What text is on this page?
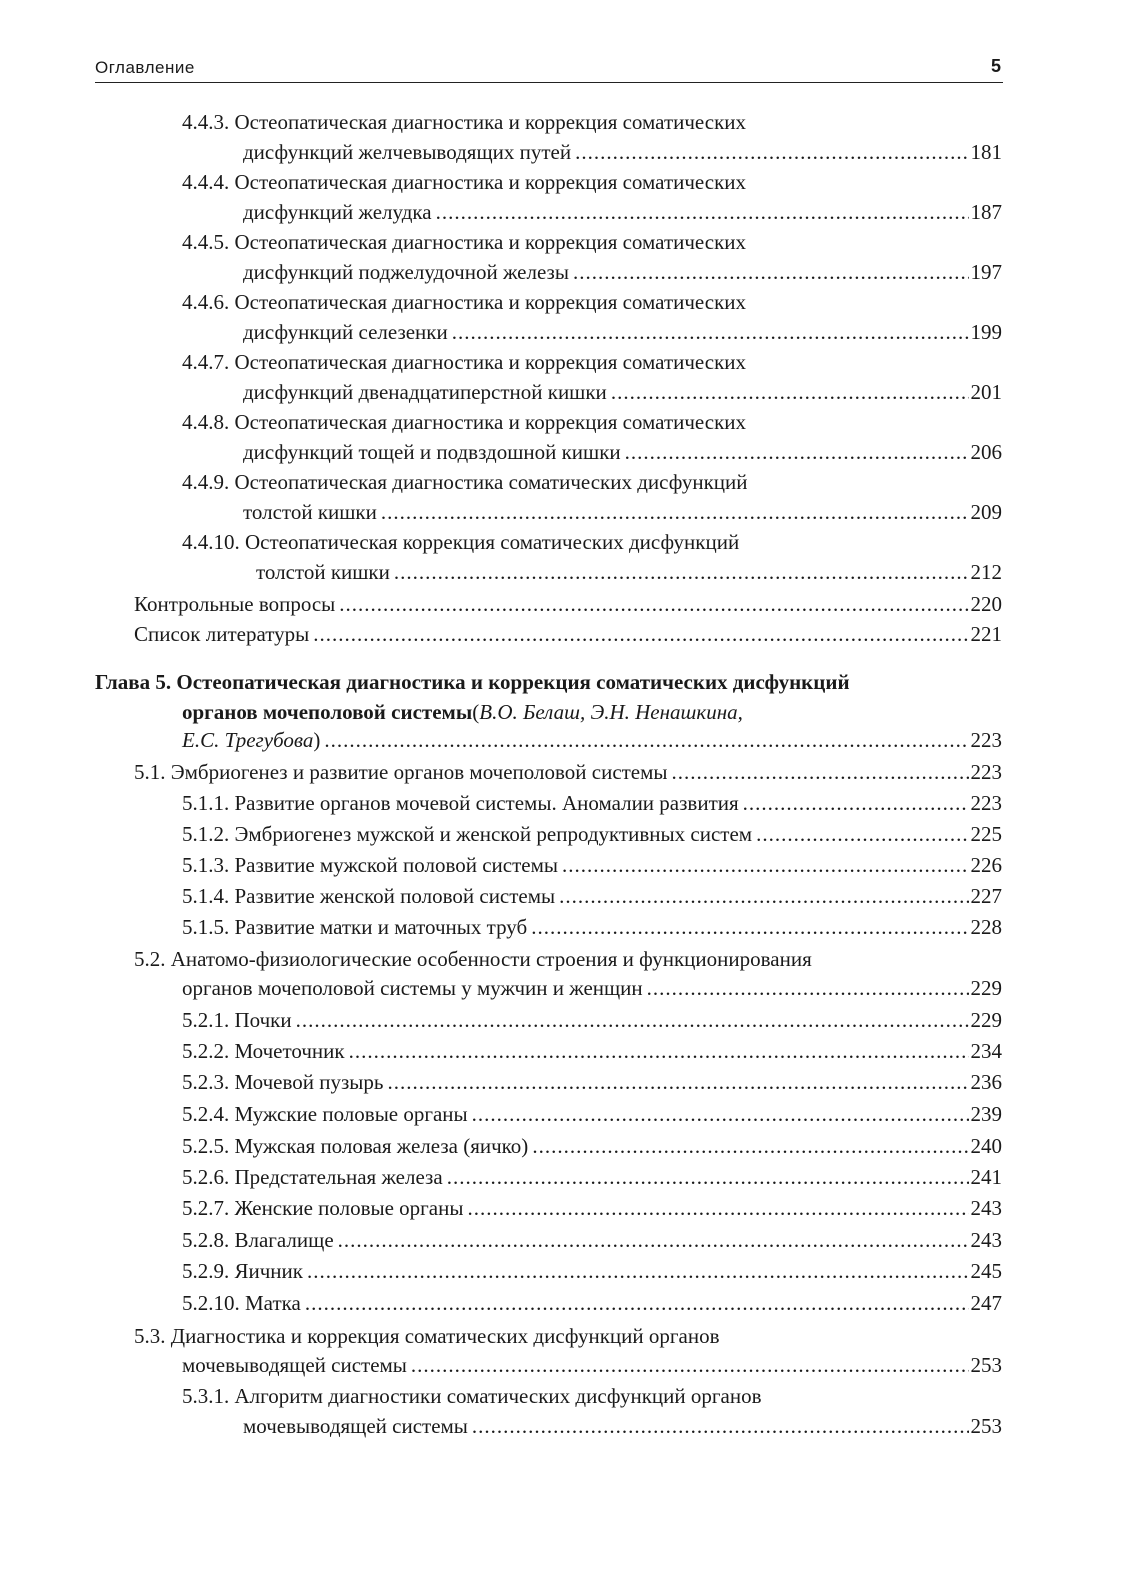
Оглавление	5
4.4.3. Остеопатическая диагностика и коррекция соматических
дисфункций желчевыводящих путей .....	181
4.4.4. Остеопатическая диагностика и коррекция соматических
дисфункций желудка .....	187
4.4.5. Остеопатическая диагностика и коррекция соматических
дисфункций поджелудочной железы .....	197
4.4.6. Остеопатическая диагностика и коррекция соматических
дисфункций селезенки .....	199
4.4.7. Остеопатическая диагностика и коррекция соматических
дисфункций двенадцатиперстной кишки .....	201
4.4.8. Остеопатическая диагностика и коррекция соматических
дисфункций тощей и подвздошной кишки .....	206
4.4.9. Остеопатическая диагностика соматических дисфункций
толстой кишки .....	209
4.4.10. Остеопатическая коррекция соматических дисфункций
толстой кишки .....	212
Контрольные вопросы .....	220
Список литературы .....	221
Глава 5. Остеопатическая диагностика и коррекция соматических дисфункций
органов мочеполовой системы ( В.О. Белаш, Э.Н. Ненашкина,
Е.С. Трегубова ) .....	223
5.1. Эмбриогенез и развитие органов мочеполовой системы .....	223
5.1.1. Развитие органов мочевой системы. Аномалии развития .....	223
5.1.2. Эмбриогенез мужской и женской репродуктивных систем .....	225
5.1.3. Развитие мужской половой системы .....	226
5.1.4. Развитие женской половой системы .....	227
5.1.5. Развитие матки и маточных труб .....	228
5.2. Анатомо-физиологические особенности строения и функционирования
органов мочеполовой системы у мужчин и женщин .....	229
5.2.1. Почки .....	229
5.2.2. Мочеточник .....	234
5.2.3. Мочевой пузырь .....	236
5.2.4. Мужские половые органы .....	239
5.2.5. Мужская половая железа (яичко) .....	240
5.2.6. Предстательная железа .....	241
5.2.7. Женские половые органы .....	243
5.2.8. Влагалище .....	243
5.2.9. Яичник .....	245
5.2.10. Матка .....	247
5.3. Диагностика и коррекция соматических дисфункций органов
мочевыводящей системы .....	253
5.3.1. Алгоритм диагностики соматических дисфункций органов
мочевыводящей системы .....	253
